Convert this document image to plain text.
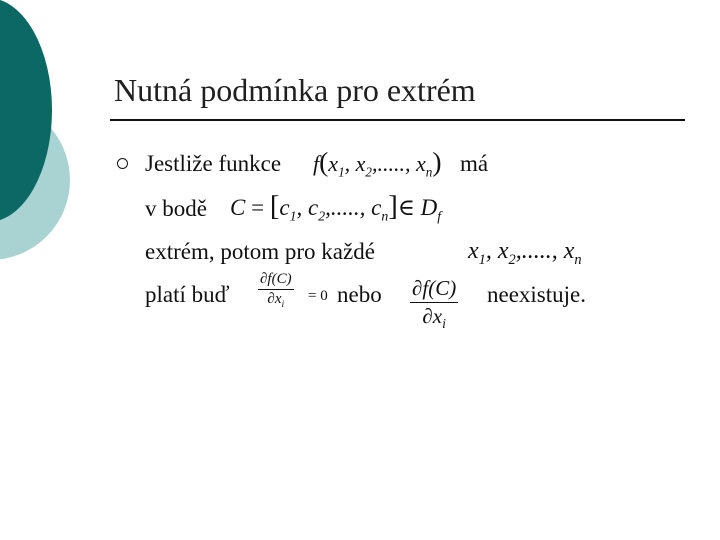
Nutná podmínka pro extrém
Jestliže funkce $f(x_1$, $x_2$,....., $x_n$) má
v bodě $C = [c_1$, $c_2$,....., $c_n]\in$ $D_f$
extrém, potom pro každé	$x_1$, $x_2$,....., $x_n$
platí buď $\frac{\partial f(C)}{\partial x_i} = 0$ nebo $\frac{\partial f(C)}{\partial x_i}$ neexistuje.
